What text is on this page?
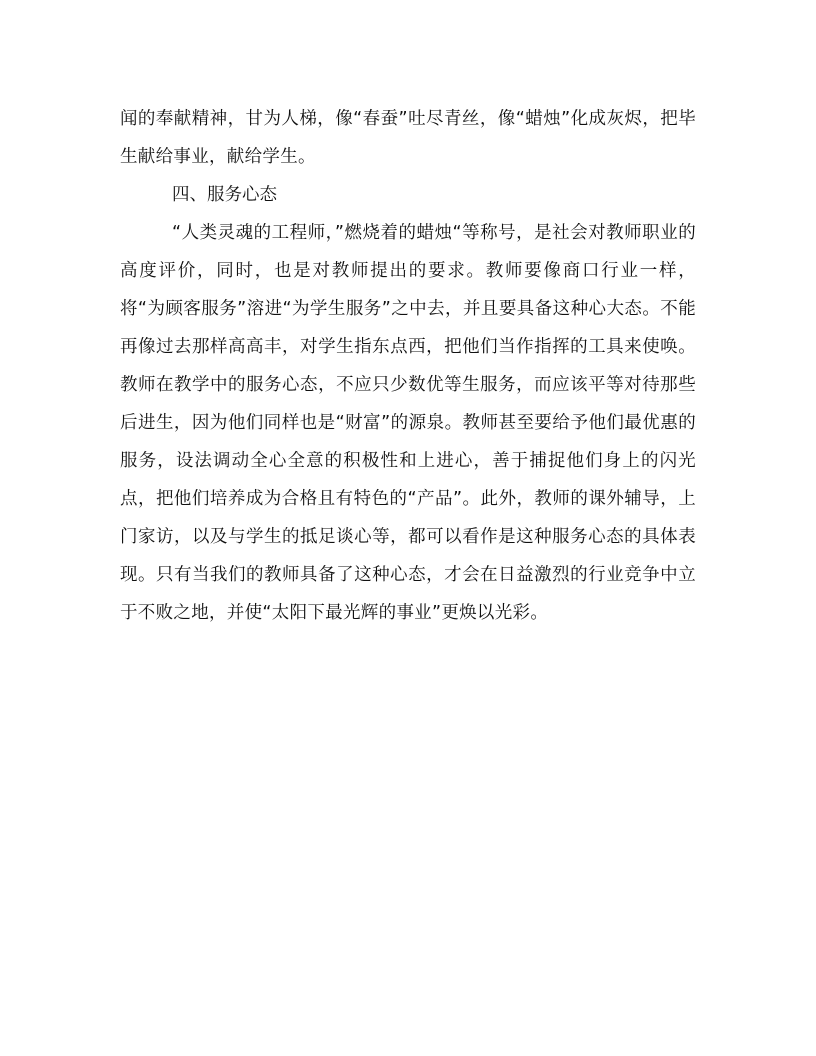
闻的奉献精神，甘为人梯，像“春蚕”吐尽青丝，像“蜡烛”化成灰烬，把毕生献给事业，献给学生。

四、服务心态

“人类灵魂的工程师，”燃烧着的蜡烛“等称号，是社会对教师职业的高度评价，同时，也是对教师提出的要求。教师要像商口行业一样，将“为顾客服务”溶进“为学生服务”之中去，并且要具备这种心大态。不能再像过去那样高高丰，对学生指东点西，把他们当作指挥的工具来使唤。教师在教学中的服务心态，不应只少数优等生服务，而应该平等对待那些后进生，因为他们同样也是“财富”的源泉。教师甚至要给予他们最优惠的服务，设法调动全心全意的积极性和上进心，善于捕捉他们身上的闪光点，把他们培养成为合格且有特色的“产品”。此外，教师的课外辅导，上门家访，以及与学生的抵足谈心等，都可以看作是这种服务心态的具体表现。只有当我们的教师具备了这种心态，才会在日益激烈的行业竞争中立于不败之地，并使“太阳下最光辉的事业”更焕以光彩。
